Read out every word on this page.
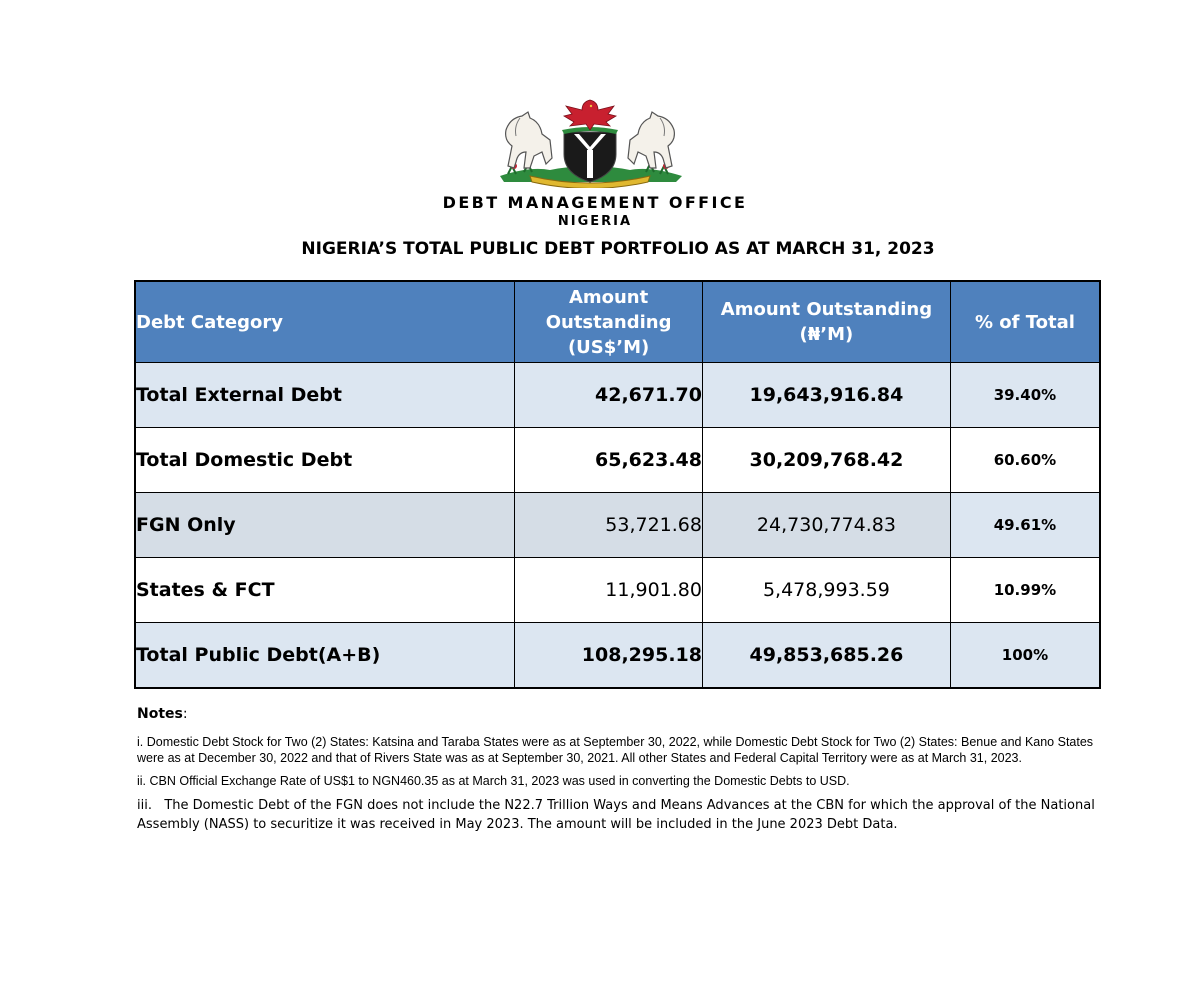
DEBT MANAGEMENT OFFICE
NIGERIA
NIGERIA’S TOTAL PUBLIC DEBT PORTFOLIO AS AT MARCH 31, 2023
Debt Category	Amount Outstanding (US$’M)	Amount Outstanding (₦’M)	% of Total
Total External Debt	42,671.70	19,643,916.84	39.40%
Total Domestic Debt	65,623.48	30,209,768.42	60.60%
FGN Only	53,721.68	24,730,774.83	49.61%
States & FCT	11,901.80	5,478,993.59	10.99%
Total Public Debt(A+B)	108,295.18	49,853,685.26	100%
Notes:

i. Domestic Debt Stock for Two (2) States: Katsina and Taraba States were as at September 30, 2022, while Domestic Debt Stock for Two (2) States: Benue and Kano States were as at December 30, 2022 and that of Rivers State was as at September 30, 2021. All other States and Federal Capital Territory were as at March 31, 2023.

ii. CBN Official Exchange Rate of US$1 to NGN460.35 as at March 31, 2023 was used in converting the Domestic Debts to USD.

iii.   The Domestic Debt of the FGN does not include the N22.7 Trillion Ways and Means Advances at the CBN for which the approval of the National Assembly (NASS) to securitize it was received in May 2023. The amount will be included in the June 2023 Debt Data.
